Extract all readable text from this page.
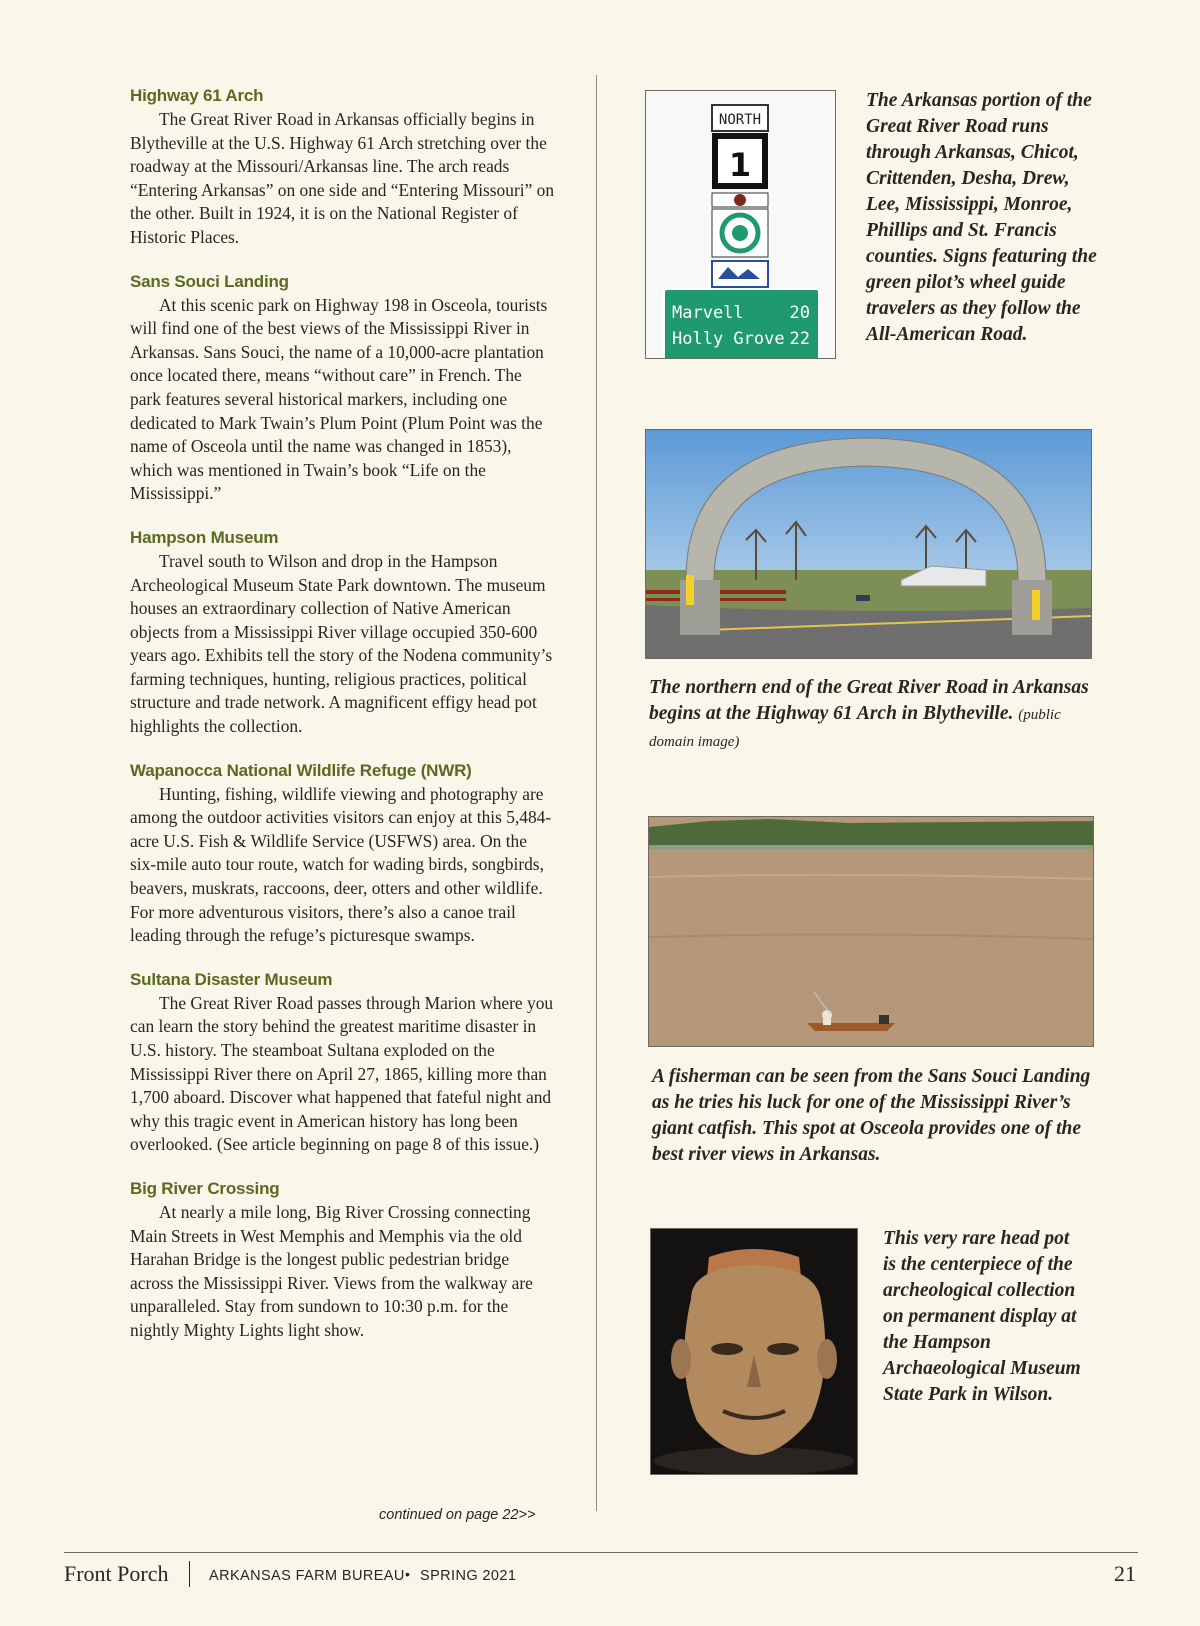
Highway 61 Arch

The Great River Road in Arkansas officially begins in Blytheville at the U.S. Highway 61 Arch stretching over the roadway at the Missouri/Arkansas line. The arch reads “Entering Arkansas” on one side and “Entering Missouri” on the other. Built in 1924, it is on the National Register of Historic Places.

Sans Souci Landing

At this scenic park on Highway 198 in Osceola, tourists will find one of the best views of the Mississippi River in Arkansas. Sans Souci, the name of a 10,000-acre plantation once located there, means “without care” in French. The park features several historical markers, including one dedicated to Mark Twain’s Plum Point (Plum Point was the name of Osceola until the name was changed in 1853), which was mentioned in Twain’s book “Life on the Mississippi.”

Hampson Museum

Travel south to Wilson and drop in the Hampson Archeological Museum State Park downtown. The museum houses an extraordinary collection of Native American objects from a Mississippi River village occupied 350-600 years ago. Exhibits tell the story of the Nodena community’s farming techniques, hunting, religious practices, political structure and trade network. A magnificent effigy head pot highlights the collection.

Wapanocca National Wildlife Refuge (NWR)

Hunting, fishing, wildlife viewing and photography are among the outdoor activities visitors can enjoy at this 5,484-acre U.S. Fish & Wildlife Service (USFWS) area. On the six-mile auto tour route, watch for wading birds, songbirds, beavers, muskrats, raccoons, deer, otters and other wildlife. For more adventurous visitors, there’s also a canoe trail leading through the refuge’s picturesque swamps.

Sultana Disaster Museum

The Great River Road passes through Marion where you can learn the story behind the greatest maritime disaster in U.S. history. The steamboat Sultana exploded on the Mississippi River there on April 27, 1865, killing more than 1,700 aboard. Discover what happened that fateful night and why this tragic event in American history has long been overlooked. (See article beginning on page 8 of this issue.)

Big River Crossing

At nearly a mile long, Big River Crossing connecting Main Streets in West Memphis and Memphis via the old Harahan Bridge is the longest public pedestrian bridge across the Mississippi River. Views from the walkway are unparalleled. Stay from sundown to 10:30 p.m. for the nightly Mighty Lights light show.

continued on page 22>>
NORTH
1
Marvell	20
Holly Grove 22

The Arkansas portion of the Great River Road runs through Arkansas, Chicot, Crittenden, Desha, Drew, Lee, Mississippi, Monroe, Phillips and St. Francis counties. Signs featuring the green pilot’s wheel guide travelers as they follow the All-American Road.

The northern end of the Great River Road in Arkansas begins at the Highway 61 Arch in Blytheville. (public domain image)

A fisherman can be seen from the Sans Souci Landing as he tries his luck for one of the Mississippi River’s giant catfish. This spot at Osceola provides one of the best river views in Arkansas.

This very rare head pot is the centerpiece of the archeological collection on permanent display at the Hampson Archaeological Museum State Park in Wilson.

Front Porch	ARKANSAS FARM BUREAU • SPRING 2021	21
